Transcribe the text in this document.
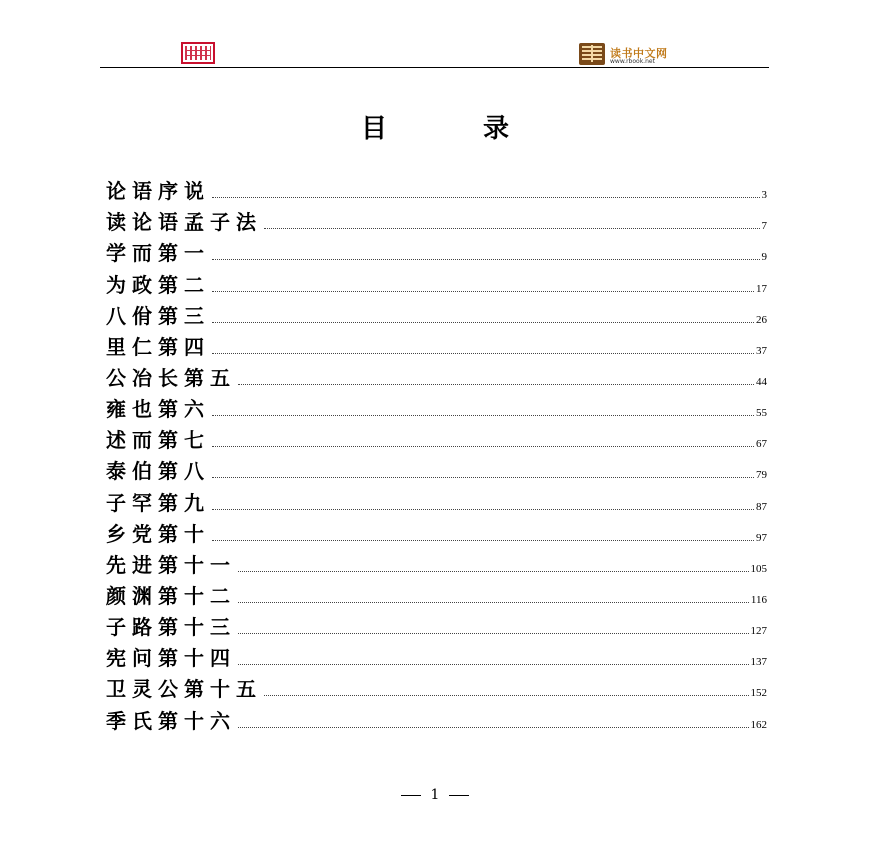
读书中文网
www.rbook.net
目	录
论语序说	3
读论语孟子法	7
学而第一	9
为政第二	17
八佾第三	26
里仁第四	37
公冶长第五	44
雍也第六	55
述而第七	67
泰伯第八	79
子罕第九	87
乡党第十	97
先进第十一	105
颜渊第十二	116
子路第十三	127
宪问第十四	137
卫灵公第十五	152
季氏第十六	162
1
